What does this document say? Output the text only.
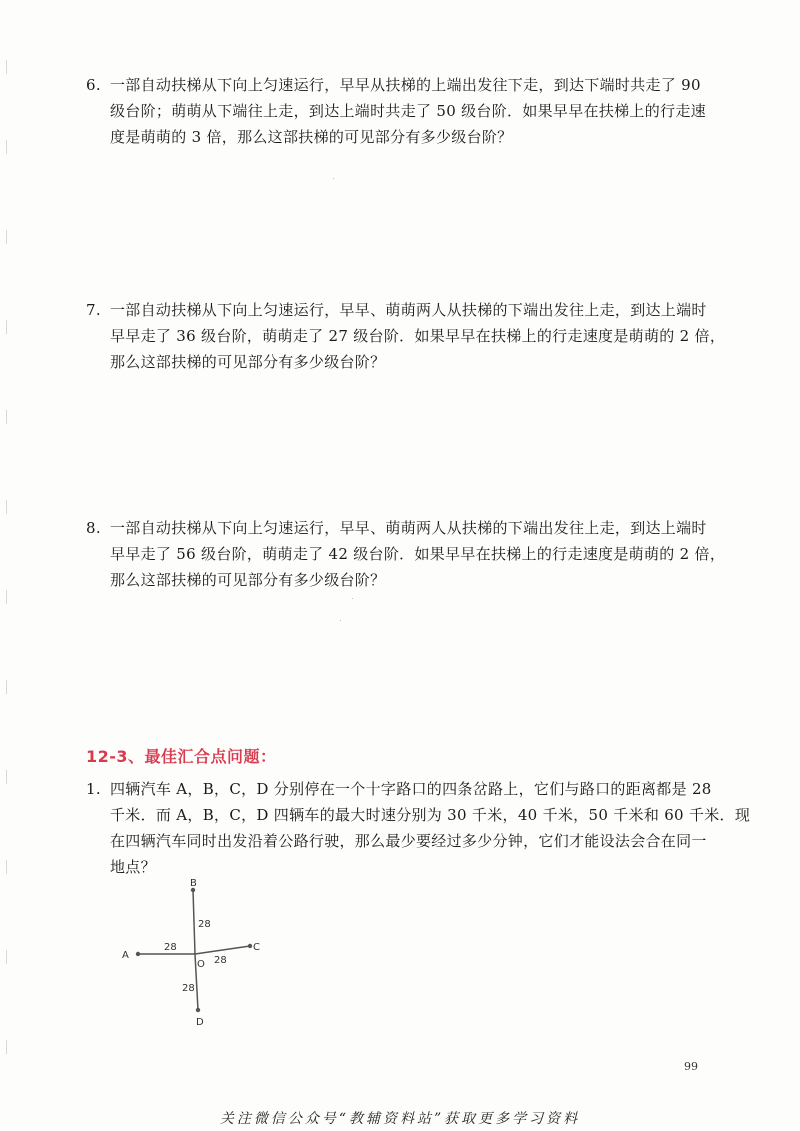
6. 一部自动扶梯从下向上匀速运行，早早从扶梯的上端出发往下走，到达下端时共走了 90
级台阶；萌萌从下端往上走，到达上端时共走了 50 级台阶．如果早早在扶梯上的行走速
度是萌萌的 3 倍，那么这部扶梯的可见部分有多少级台阶？
7. 一部自动扶梯从下向上匀速运行，早早、萌萌两人从扶梯的下端出发往上走，到达上端时
早早走了 36 级台阶，萌萌走了 27 级台阶．如果早早在扶梯上的行走速度是萌萌的 2 倍，
那么这部扶梯的可见部分有多少级台阶？
8. 一部自动扶梯从下向上匀速运行，早早、萌萌两人从扶梯的下端出发往上走，到达上端时
早早走了 56 级台阶，萌萌走了 42 级台阶．如果早早在扶梯上的行走速度是萌萌的 2 倍，
那么这部扶梯的可见部分有多少级台阶？
12-3、最佳汇合点问题：
1. 四辆汽车 A，B，C，D 分别停在一个十字路口的四条岔路上，它们与路口的距离都是 28
千米．而 A，B，C，D 四辆车的最大时速分别为 30 千米，40 千米，50 千米和 60 千米．现
在四辆汽车同时出发沿着公路行驶，那么最少要经过多少分钟，它们才能设法会合在同一
地点？
B
A
C
D
O
28
28
28
28
99
关注微信公众号“教辅资料站”获取更多学习资料
